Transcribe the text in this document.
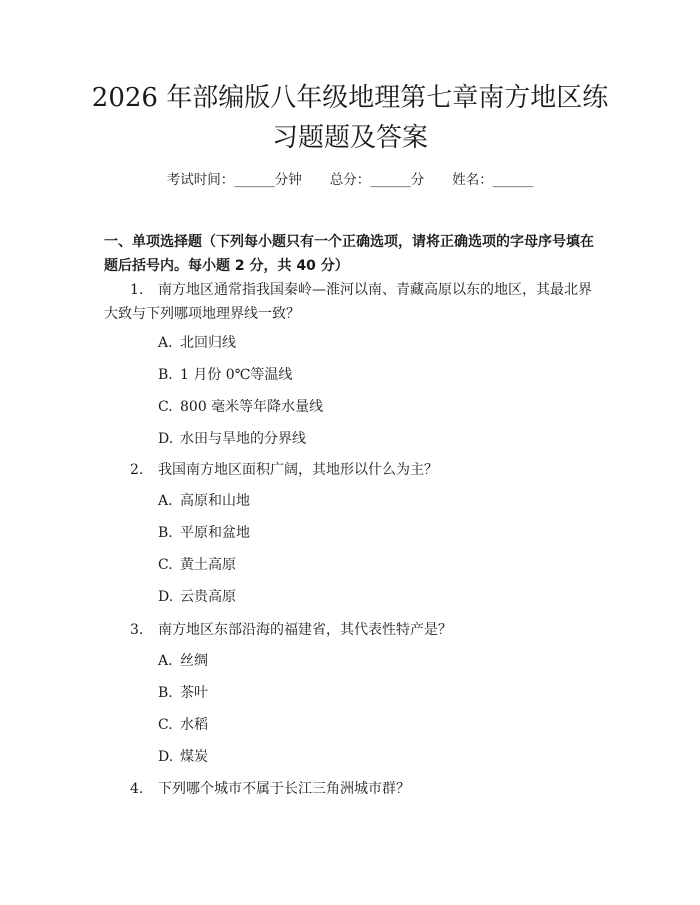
2026 年部编版八年级地理第七章南方地区练
习题题及答案
考试时间：______分钟 总分：______分 姓名：______
一、单项选择题（下列每小题只有一个正确选项，请将正确选项的字母序号填在题后括号内。每小题 2 分，共 40 分）
1. 南方地区通常指我国秦岭—淮河以南、青藏高原以东的地区，其最北界大致与下列哪项地理界线一致？
A. 北回归线
B. 1 月份 0℃等温线
C. 800 毫米等年降水量线
D. 水田与旱地的分界线
2. 我国南方地区面积广阔，其地形以什么为主？
A. 高原和山地
B. 平原和盆地
C. 黄土高原
D. 云贵高原
3. 南方地区东部沿海的福建省，其代表性特产是？
A. 丝绸
B. 茶叶
C. 水稻
D. 煤炭
4. 下列哪个城市不属于长江三角洲城市群？
